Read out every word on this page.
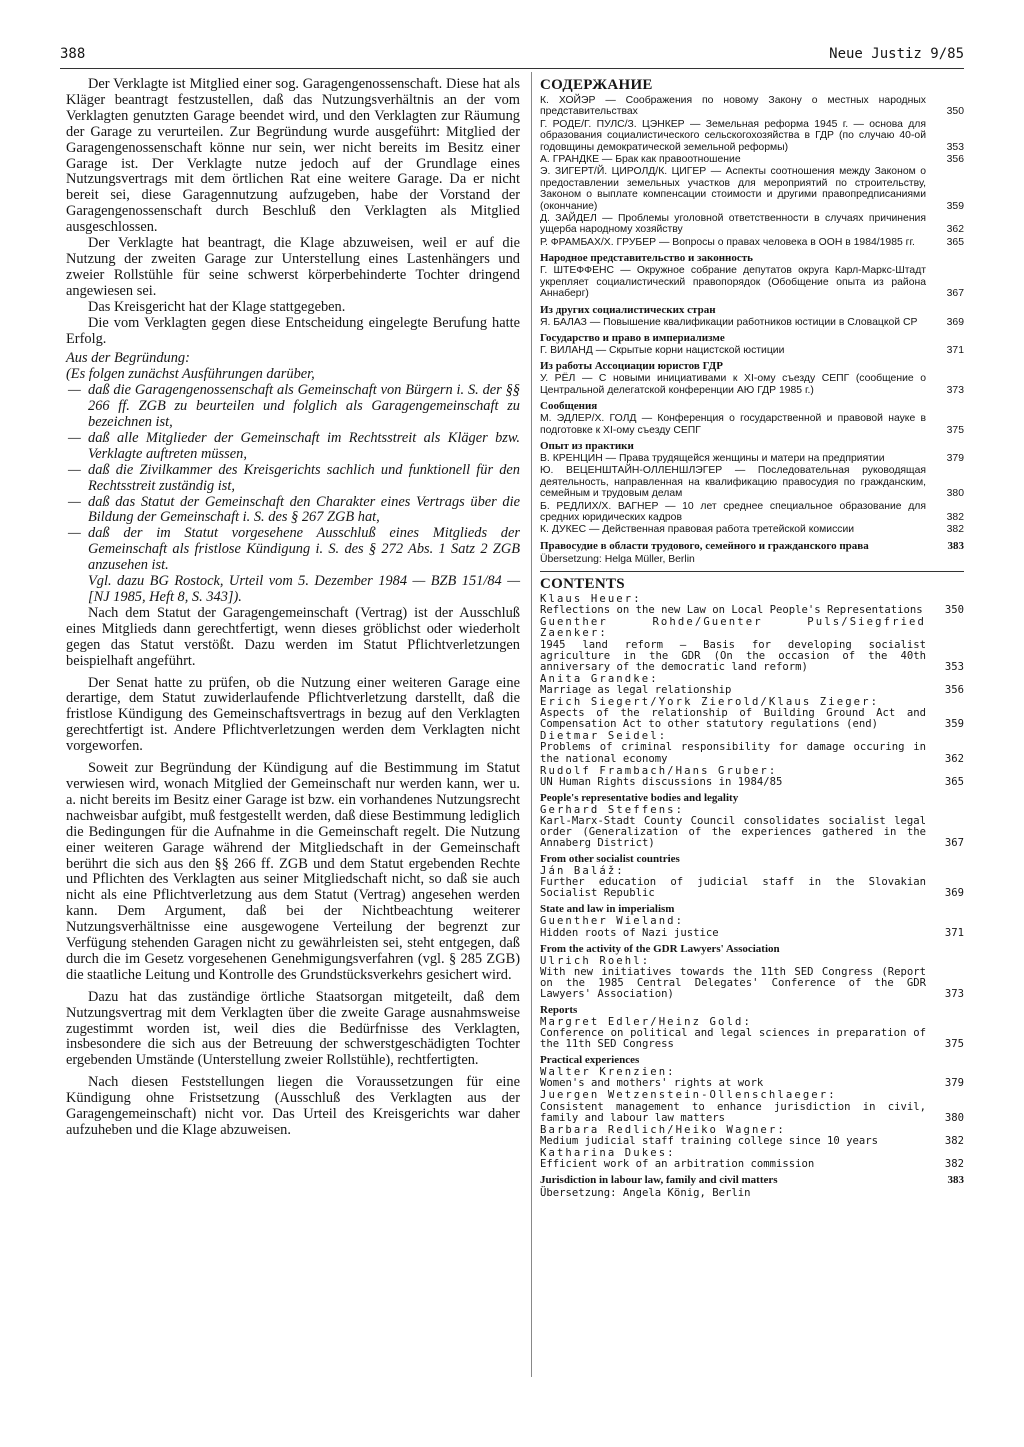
388	Neue Justiz 9/85

Der Verklagte ist Mitglied einer sog. Garagengenossenschaft. Diese hat als Kläger beantragt festzustellen, daß das Nutzungsverhältnis an der vom Verklagten genutzten Garage beendet wird, und den Verklagten zur Räumung der Garage zu verurteilen. Zur Begründung wurde ausgeführt: Mitglied der Garagengenossenschaft könne nur sein, wer nicht bereits im Besitz einer Garage ist. Der Verklagte nutze jedoch auf der Grundlage eines Nutzungsvertrags mit dem örtlichen Rat eine weitere Garage. Da er nicht bereit sei, diese Garagennutzung aufzugeben, habe der Vorstand der Garagengenossenschaft durch Beschluß den Verklagten als Mitglied ausgeschlossen.

Der Verklagte hat beantragt, die Klage abzuweisen, weil er auf die Nutzung der zweiten Garage zur Unterstellung eines Lastenhängers und zweier Rollstühle für seine schwerst körperbehinderte Tochter dringend angewiesen sei.

Das Kreisgericht hat der Klage stattgegeben.

Die vom Verklagten gegen diese Entscheidung eingelegte Berufung hatte Erfolg.

Aus der Begründung:
(Es folgen zunächst Ausführungen darüber,
— daß die Garagengenossenschaft als Gemeinschaft von Bürgern i. S. der §§ 266 ff. ZGB zu beurteilen und folglich als Garagengemeinschaft zu bezeichnen ist,
— daß alle Mitglieder der Gemeinschaft im Rechtsstreit als Kläger bzw. Verklagte auftreten müssen,
— daß die Zivilkammer des Kreisgerichts sachlich und funktionell für den Rechtsstreit zuständig ist,
— daß das Statut der Gemeinschaft den Charakter eines Vertrags über die Bildung der Gemeinschaft i. S. des § 267 ZGB hat,
— daß der im Statut vorgesehene Ausschluß eines Mitglieds der Gemeinschaft als fristlose Kündigung i. S. des § 272 Abs. 1 Satz 2 ZGB anzusehen ist.
Vgl. dazu BG Rostock, Urteil vom 5. Dezember 1984 — BZB 151/84 — [NJ 1985, Heft 8, S. 343]).

Nach dem Statut der Garagengemeinschaft (Vertrag) ist der Ausschluß eines Mitglieds dann gerechtfertigt, wenn dieses gröblichst oder wiederholt gegen das Statut verstößt. Dazu werden im Statut Pflichtverletzungen beispielhaft angeführt.

Der Senat hatte zu prüfen, ob die Nutzung einer weiteren Garage eine derartige, dem Statut zuwiderlaufende Pflichtverletzung darstellt, daß die fristlose Kündigung des Gemeinschaftsvertrags in bezug auf den Verklagten gerechtfertigt ist. Andere Pflichtverletzungen werden dem Verklagten nicht vorgeworfen.

Soweit zur Begründung der Kündigung auf die Bestimmung im Statut verwiesen wird, wonach Mitglied der Gemeinschaft nur werden kann, wer u. a. nicht bereits im Besitz einer Garage ist bzw. ein vorhandenes Nutzungsrecht nachweisbar aufgibt, muß festgestellt werden, daß diese Bestimmung lediglich die Bedingungen für die Aufnahme in die Gemeinschaft regelt. Die Nutzung einer weiteren Garage während der Mitgliedschaft in der Gemeinschaft berührt die sich aus den §§ 266 ff. ZGB und dem Statut ergebenden Rechte und Pflichten des Verklagten aus seiner Mitgliedschaft nicht, so daß sie auch nicht als eine Pflichtverletzung aus dem Statut (Vertrag) angesehen werden kann. Dem Argument, daß bei der Nichtbeachtung weiterer Nutzungsverhältnisse eine ausgewogene Verteilung der begrenzt zur Verfügung stehenden Garagen nicht zu gewährleisten sei, steht entgegen, daß durch die im Gesetz vorgesehenen Genehmigungsverfahren (vgl. § 285 ZGB) die staatliche Leitung und Kontrolle des Grundstücksverkehrs gesichert wird.

Dazu hat das zuständige örtliche Staatsorgan mitgeteilt, daß dem Nutzungsvertrag mit dem Verklagten über die zweite Garage ausnahmsweise zugestimmt worden ist, weil dies die Bedürfnisse des Verklagten, insbesondere die sich aus der Betreuung der schwerstgeschädigten Tochter ergebenden Umstände (Unterstellung zweier Rollstühle), rechtfertigten.

Nach diesen Feststellungen liegen die Voraussetzungen für eine Kündigung ohne Fristsetzung (Ausschluß des Verklagten aus der Garagengemeinschaft) nicht vor. Das Urteil des Kreisgerichts war daher aufzuheben und die Klage abzuweisen.

СОДЕРЖАНИЕ
К. ХОЙЭР — Соображения по новому Закону о местных народных представительствах	350
Г. РОДЕ/Г. ПУЛС/З. ЦЭНКЕР — Земельная реформа 1945 г. — основа для образования социалистического сельскогохозяйства в ГДР (по случаю 40-ой годовщины демократической земельной реформы)	353
А. ГРАНДКЕ — Брак как правоотношение	356
Э. ЗИГЕРТ/Й. ЦИРОЛД/К. ЦИГЕР — Аспекты соотношения между Законом о предоставлении земельных участков для мероприятий по строительству, Законом о выплате компенсации стоимости и другими правопредписаниями (окончание)	359
Д. ЗАЙДЕЛ — Проблемы уголовной ответственности в случаях причинения ущерба народному хозяйству	362
Р. ФРАМБАХ/Х. ГРУБЕР — Вопросы о правах человека в ООН в 1984/1985 гг.	365
Народное представительство и законность
Г. ШТЕФФЕНС — Окружное собрание депутатов округа Карл-Маркс-Штадт укрепляет социалистический правопорядок (Обобщение опыта из района Аннаберг)	367
Из других социалистических стран
Я. БАЛАЗ — Повышение квалификации работников юстиции в Словацкой СР	369
Государство и право в империализме
Г. ВИЛАНД — Скрытые корни нацистской юстиции	371
Из работы Ассоциации юристов ГДР
У. РЁЛ — С новыми инициативами к XI-ому съезду СЕПГ (сообщение о Центральной делегатской конференции АЮ ГДР 1985 г.)	373
Сообщения
М. ЭДЛЕР/Х. ГОЛД — Конференция о государственной и правовой науке в подготовке к XI-ому съезду СЕПГ	375
Опыт из практики
В. КРЕНЦИН — Права трудящейся женщины и матери на предприятии	379
Ю. ВЕЦЕНШТАЙН-ОЛЛЕНШЛЭГЕР — Последовательная руководящая деятельность, направленная на квалификацию правосудия по гражданским, семейным и трудовым делам	380
Б. РЕДЛИХ/Х. ВАГНЕР — 10 лет среднее специальное образование для средних юридических кадров	382
К. ДУКЕС — Действенная правовая работа третейской комиссии	382
Правосудие в области трудового, семейного и гражданского права	383
Übersetzung: Helga Müller, Berlin
CONTENTS
Klaus Heuer:
Reflections on the new Law on Local People's Representations	350
Guenther Rohde/Guenter Puls/Siegfried Zaenker:
1945 land reform — Basis for developing socialist agriculture in the GDR (On the occasion of the 40th anniversary of the democratic land reform)	353
Anita Grandke:
Marriage as legal relationship	356
Erich Siegert/York Zierold/Klaus Zieger:
Aspects of the relationship of Building Ground Act and Compensation Act to other statutory regulations (end)	359
Dietmar Seidel:
Problems of criminal responsibility for damage occuring in the national economy	362
Rudolf Frambach/Hans Gruber:
UN Human Rights discussions in 1984/85	365
People's representative bodies and legality
Gerhard Steffens:
Karl-Marx-Stadt County Council consolidates socialist legal order (Generalization of the experiences gathered in the Annaberg District)	367
From other socialist countries
Ján Baláž:
Further education of judicial staff in the Slovakian Socialist Republic	369
State and law in imperialism
Guenther Wieland:
Hidden roots of Nazi justice	371
From the activity of the GDR Lawyers' Association
Ulrich Roehl:
With new initiatives towards the 11th SED Congress (Report on the 1985 Central Delegates' Conference of the GDR Lawyers' Association)	373
Reports
Margret Edler/Heinz Gold:
Conference on political and legal sciences in preparation of the 11th SED Congress	375
Practical experiences
Walter Krenzien:
Women's and mothers' rights at work	379
Juergen Wetzenstein-Ollenschlaeger:
Consistent management to enhance jurisdiction in civil, family and labour law matters	380
Barbara Redlich/Heiko Wagner:
Medium judicial staff training college since 10 years	382
Katharina Dukes:
Efficient work of an arbitration commission	382
Jurisdiction in labour law, family and civil matters	383
Übersetzung: Angela König, Berlin
